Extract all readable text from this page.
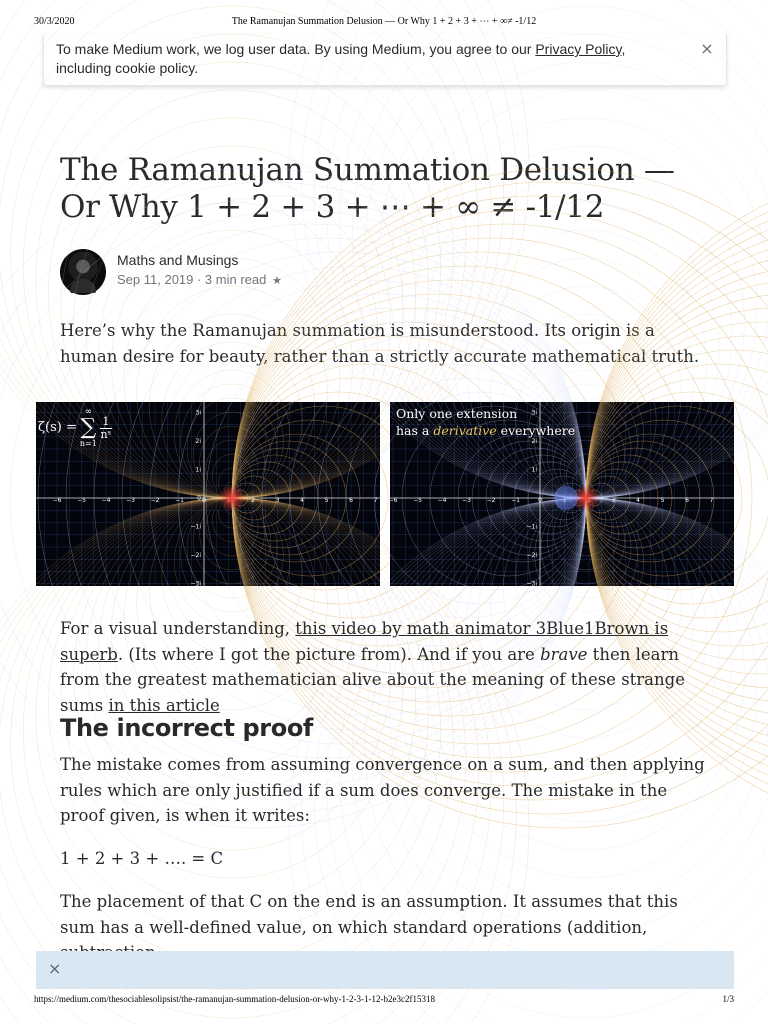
30/3/2020	The Ramanujan Summation Delusion — Or Why 1 + 2 + 3 + ⋯ + ∞≠ -1/12
To make Medium work, we log user data. By using Medium, you agree to our Privacy Policy, including cookie policy.
×
The Ramanujan Summation Delusion — Or Why 1 + 2 + 3 + ⋯ + ∞ ≠ -1/12
Maths and Musings
Sep 11, 2019 · 3 min read ★

Here’s why the Ramanujan summation is misunderstood. Its origin is a human desire for beauty, rather than a strictly accurate mathematical truth.

−6	−5	−4	−3	−2	−1	0	2	3	4	5	6	7
3i
2i
1i
0
−1i
−2i
−3i
ζ(s) =
∞
∑
n=1
1
nˢ
−6	−5	−4	−3	−2	−1	0	1	3	4	5	6	7
3i
2i
1i
−1i
−2i
−3i
Only one extension
has a derivative everywhere

For a visual understanding, this video by math animator 3Blue1Brown is superb. (Its where I got the picture from). And if you are brave then learn from the greatest mathematician alive about the meaning of these strange sums in this article

The incorrect proof

The mistake comes from assuming convergence on a sum, and then applying rules which are only justified if a sum does converge. The mistake in the proof given, is when it writes:

1 + 2 + 3 + …. = C

The placement of that C on the end is an assumption. It assumes that this sum has a well-defined value, on which standard operations (addition,

×
https://medium.com/thesociablesolipsist/the-ramanujan-summation-delusion-or-why-1-2-3-1-12-b2e3c2f15318	1/3
